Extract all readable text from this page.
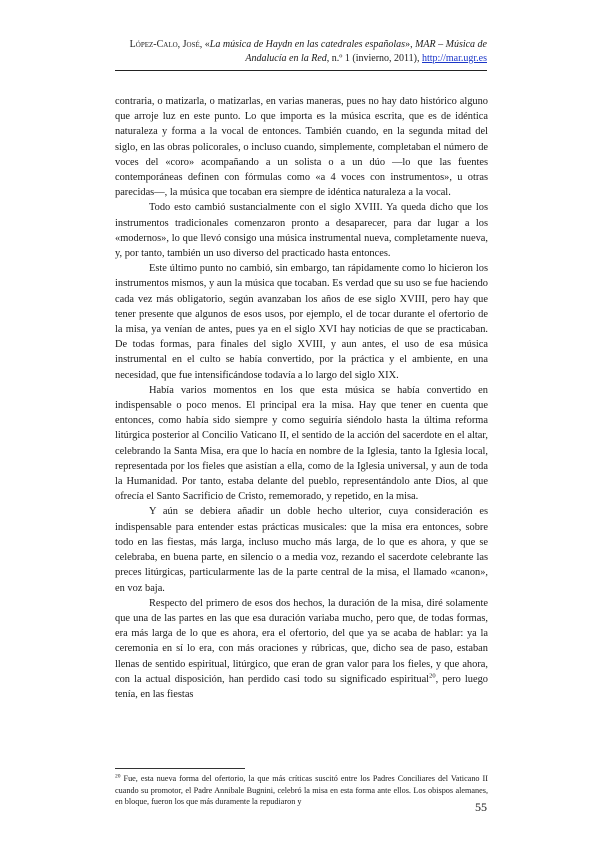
López-Calo, José, «La música de Haydn en las catedrales españolas», MAR – Música de Andalucía en la Red, n.º 1 (invierno, 2011), http://mar.ugr.es

contraria, o matizarla, o matizarlas, en varias maneras, pues no hay dato histórico alguno que arroje luz en este punto. Lo que importa es la música escrita, que es de idéntica naturaleza y forma a la vocal de entonces. También cuando, en la segunda mitad del siglo, en las obras policorales, o incluso cuando, simplemente, completaban el número de voces del «coro» acompañando a un solista o a un dúo —lo que las fuentes contemporáneas definen con fórmulas como «a 4 voces con instrumentos», u otras parecidas—, la música que tocaban era siempre de idéntica naturaleza a la vocal.

Todo esto cambió sustancialmente con el siglo XVIII. Ya queda dicho que los instrumentos tradicionales comenzaron pronto a desaparecer, para dar lugar a los «modernos», lo que llevó consigo una música instrumental nueva, completamente nueva, y, por tanto, también un uso diverso del practicado hasta entonces.

Este último punto no cambió, sin embargo, tan rápidamente como lo hicieron los instrumentos mismos, y aun la música que tocaban. Es verdad que su uso se fue haciendo cada vez más obligatorio, según avanzaban los años de ese siglo XVIII, pero hay que tener presente que algunos de esos usos, por ejemplo, el de tocar durante el ofertorio de la misa, ya venían de antes, pues ya en el siglo XVI hay noticias de que se practicaban. De todas formas, para finales del siglo XVIII, y aun antes, el uso de esa música instrumental en el culto se había convertido, por la práctica y el ambiente, en una necesidad, que fue intensificándose todavía a lo largo del siglo XIX.

Había varios momentos en los que esta música se había convertido en indispensable o poco menos. El principal era la misa. Hay que tener en cuenta que entonces, como había sido siempre y como seguiría siéndolo hasta la última reforma litúrgica posterior al Concilio Vaticano II, el sentido de la acción del sacerdote en el altar, celebrando la Santa Misa, era que lo hacía en nombre de la Iglesia, tanto la Iglesia local, representada por los fieles que asistían a ella, como de la Iglesia universal, y aun de toda la Humanidad. Por tanto, estaba delante del pueblo, representándolo ante Dios, al que ofrecía el Santo Sacrificio de Cristo, rememorado, y repetido, en la misa.

Y aún se debiera añadir un doble hecho ulterior, cuya consideración es indispensable para entender estas prácticas musicales: que la misa era entonces, sobre todo en las fiestas, más larga, incluso mucho más larga, de lo que es ahora, y que se celebraba, en buena parte, en silencio o a media voz, rezando el sacerdote celebrante las preces litúrgicas, particularmente las de la parte central de la misa, el llamado «canon», en voz baja.

Respecto del primero de esos dos hechos, la duración de la misa, diré solamente que una de las partes en las que esa duración variaba mucho, pero que, de todas formas, era más larga de lo que es ahora, era el ofertorio, del que ya se acaba de hablar: ya la ceremonia en sí lo era, con más oraciones y rúbricas, que, dicho sea de paso, estaban llenas de sentido espiritual, litúrgico, que eran de gran valor para los fieles, y que ahora, con la actual disposición, han perdido casi todo su significado espiritual$^{20}$, pero luego tenía, en las fiestas

$^{20}$ Fue, esta nueva forma del ofertorio, la que más críticas suscitó entre los Padres Conciliares del Vaticano II cuando su promotor, el Padre Annibale Bugnini, celebró la misa en esta forma ante ellos. Los obispos alemanes, en bloque, fueron los que más duramente la repudiaron y	55
